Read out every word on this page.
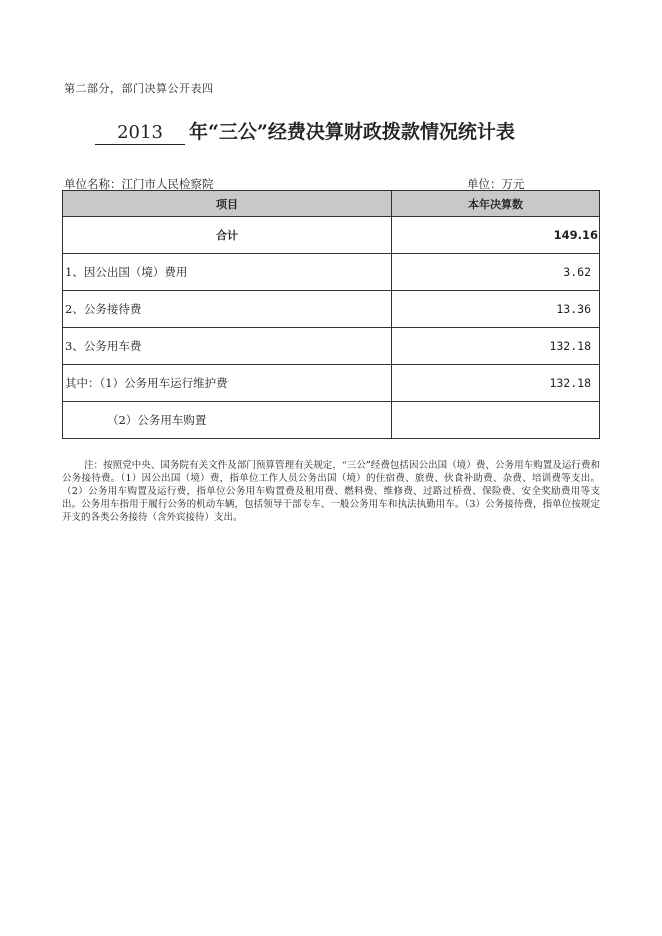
第二部分，部门决算公开表四
2013 年“三公”经费决算财政拨款情况统计表
单位名称：江门市人民检察院	单位：万元
项目	本年决算数
合计	149.16
1、因公出国（境）费用	3.62
2、公务接待费	13.36
3、公务用车费	132.18
其中：（1）公务用车运行维护费	132.18
（2）公务用车购置	
注：按照党中央、国务院有关文件及部门预算管理有关规定，“三公”经费包括因公出国（境）费、公务用车购置及运行费和公务接待费。（1）因公出国（境）费，指单位工作人员公务出国（境）的住宿费、旅费、伙食补助费、杂费、培训费等支出。（2）公务用车购置及运行费，指单位公务用车购置费及租用费、燃料费、维修费、过路过桥费、保险费、安全奖励费用等支出。公务用车指用于履行公务的机动车辆，包括领导干部专车、一般公务用车和执法执勤用车。（3）公务接待费，指单位按规定开支的各类公务接待（含外宾接待）支出。
